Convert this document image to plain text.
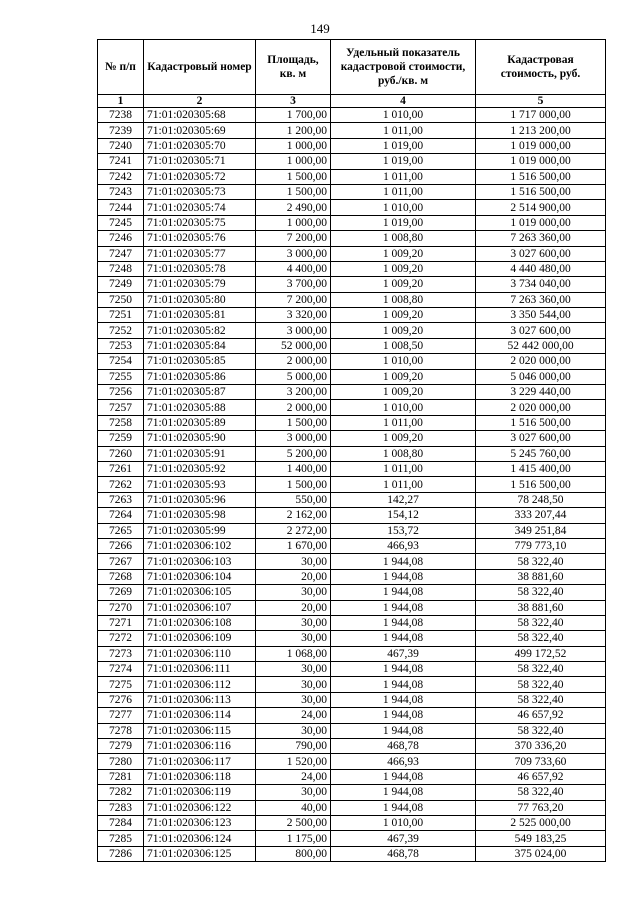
149
№ п/п	Кадастровый номер	Площадь, кв. м	Удельный показатель кадастровой стоимости, руб./кв. м	Кадастровая стоимость, руб.
1	2	3	4	5
7238	71:01:020305:68	1 700,00	1 010,00	1 717 000,00
7239	71:01:020305:69	1 200,00	1 011,00	1 213 200,00
7240	71:01:020305:70	1 000,00	1 019,00	1 019 000,00
7241	71:01:020305:71	1 000,00	1 019,00	1 019 000,00
7242	71:01:020305:72	1 500,00	1 011,00	1 516 500,00
7243	71:01:020305:73	1 500,00	1 011,00	1 516 500,00
7244	71:01:020305:74	2 490,00	1 010,00	2 514 900,00
7245	71:01:020305:75	1 000,00	1 019,00	1 019 000,00
7246	71:01:020305:76	7 200,00	1 008,80	7 263 360,00
7247	71:01:020305:77	3 000,00	1 009,20	3 027 600,00
7248	71:01:020305:78	4 400,00	1 009,20	4 440 480,00
7249	71:01:020305:79	3 700,00	1 009,20	3 734 040,00
7250	71:01:020305:80	7 200,00	1 008,80	7 263 360,00
7251	71:01:020305:81	3 320,00	1 009,20	3 350 544,00
7252	71:01:020305:82	3 000,00	1 009,20	3 027 600,00
7253	71:01:020305:84	52 000,00	1 008,50	52 442 000,00
7254	71:01:020305:85	2 000,00	1 010,00	2 020 000,00
7255	71:01:020305:86	5 000,00	1 009,20	5 046 000,00
7256	71:01:020305:87	3 200,00	1 009,20	3 229 440,00
7257	71:01:020305:88	2 000,00	1 010,00	2 020 000,00
7258	71:01:020305:89	1 500,00	1 011,00	1 516 500,00
7259	71:01:020305:90	3 000,00	1 009,20	3 027 600,00
7260	71:01:020305:91	5 200,00	1 008,80	5 245 760,00
7261	71:01:020305:92	1 400,00	1 011,00	1 415 400,00
7262	71:01:020305:93	1 500,00	1 011,00	1 516 500,00
7263	71:01:020305:96	550,00	142,27	78 248,50
7264	71:01:020305:98	2 162,00	154,12	333 207,44
7265	71:01:020305:99	2 272,00	153,72	349 251,84
7266	71:01:020306:102	1 670,00	466,93	779 773,10
7267	71:01:020306:103	30,00	1 944,08	58 322,40
7268	71:01:020306:104	20,00	1 944,08	38 881,60
7269	71:01:020306:105	30,00	1 944,08	58 322,40
7270	71:01:020306:107	20,00	1 944,08	38 881,60
7271	71:01:020306:108	30,00	1 944,08	58 322,40
7272	71:01:020306:109	30,00	1 944,08	58 322,40
7273	71:01:020306:110	1 068,00	467,39	499 172,52
7274	71:01:020306:111	30,00	1 944,08	58 322,40
7275	71:01:020306:112	30,00	1 944,08	58 322,40
7276	71:01:020306:113	30,00	1 944,08	58 322,40
7277	71:01:020306:114	24,00	1 944,08	46 657,92
7278	71:01:020306:115	30,00	1 944,08	58 322,40
7279	71:01:020306:116	790,00	468,78	370 336,20
7280	71:01:020306:117	1 520,00	466,93	709 733,60
7281	71:01:020306:118	24,00	1 944,08	46 657,92
7282	71:01:020306:119	30,00	1 944,08	58 322,40
7283	71:01:020306:122	40,00	1 944,08	77 763,20
7284	71:01:020306:123	2 500,00	1 010,00	2 525 000,00
7285	71:01:020306:124	1 175,00	467,39	549 183,25
7286	71:01:020306:125	800,00	468,78	375 024,00
